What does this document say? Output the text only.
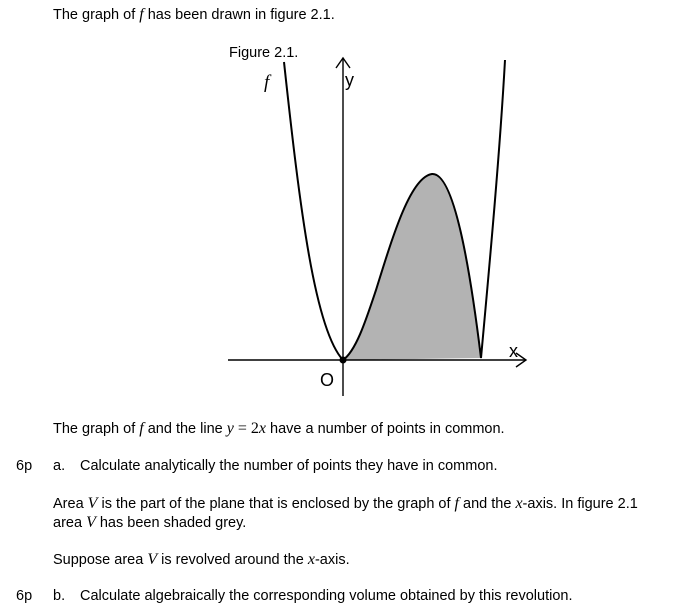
The graph of f has been drawn in figure 2.1.
Figure 2.1.
f	y
x
O
The graph of f and the line y = 2x have a number of points in common.
6p a. Calculate analytically the number of points they have in common.
Area V is the part of the plane that is enclosed by the graph of f and the x-axis. In figure 2.1
area V has been shaded grey.
Suppose area V is revolved around the x-axis.
6p b. Calculate algebraically the corresponding volume obtained by this revolution.
